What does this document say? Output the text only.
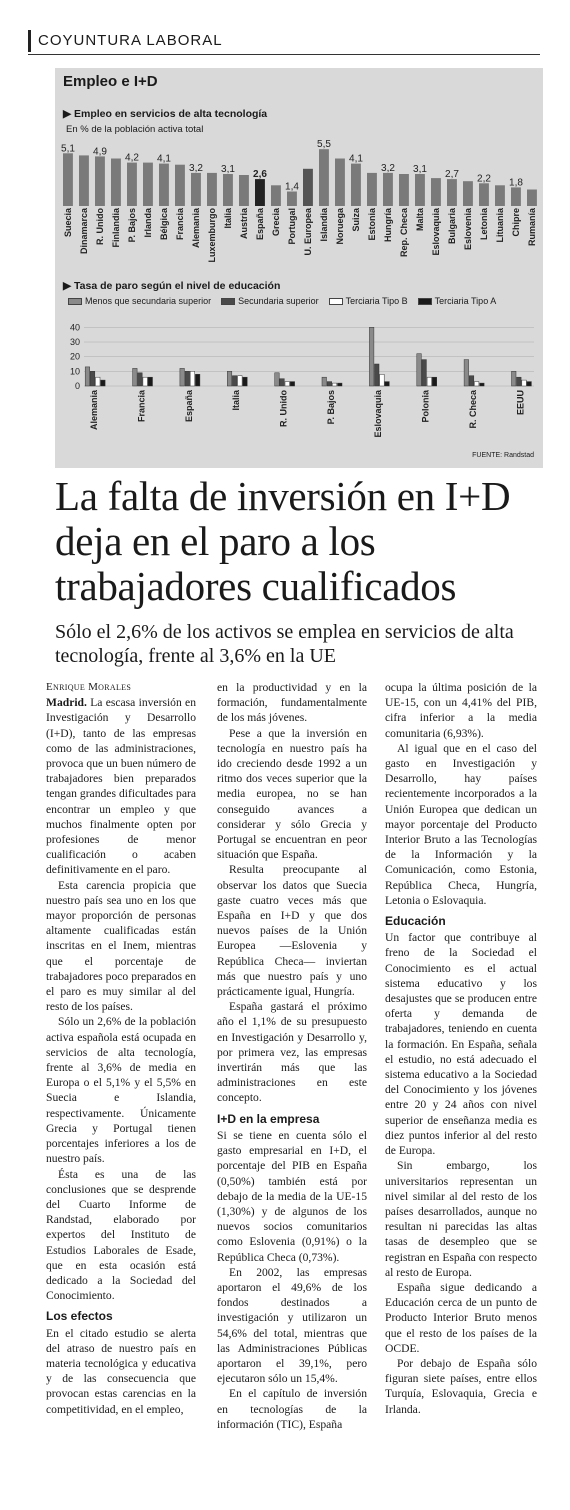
COYUNTURA LABORAL
Empleo e I+D
▶ Empleo en servicios de alta tecnología
En % de la población activa total
5,1
Suecia Dinamarca
4,9
R. Unido Finlandia
4,2
P. Bajos Irlanda
4,1
Bélgica Francia
3,2
Alemania Luxemburgo
3,1
Italia Austria
2,6
España Grecia
1,4
Portugal U. Europea
5,5
Islandia Noruega
4,1
Suiza Estonia
3,2
Hungría Rep. Checa
3,1
Malta Eslovaquia
2,7
Bulgaria Eslovenia
2,2
Letonia Lituania
1,8
Chipre Rumanía
▶ Tasa de paro según el nivel de educación
Menos que secundaria superior	Secundaria superior	Terciaria Tipo B	Terciaria Tipo A
40
30
20
10
0
Alemania	Francia	España	Italia	R. Unido	P. Bajos	Eslovaquia	Polonia	R. Checa	EEUU
FUENTE: Randstad
La falta de inversión en I+D deja en el paro a los trabajadores cualificados
Sólo el 2,6% de los activos se emplea en servicios de alta tecnología, frente al 3,6% en la UE

Enrique Morales

Madrid. La escasa inversión en Investigación y Desarrollo (I+D), tanto de las empresas como de las administraciones, provoca que un buen número de trabajadores bien preparados tengan grandes dificultades para encontrar un empleo y que muchos finalmente opten por profesiones de menor cualificación o acaben definitivamente en el paro.

Esta carencia propicia que nuestro país sea uno en los que mayor proporción de personas altamente cualificadas están inscritas en el Inem, mientras que el porcentaje de trabajadores poco preparados en el paro es muy similar al del resto de los países.

Sólo un 2,6% de la población activa española está ocupada en servicios de alta tecnología, frente al 3,6% de media en Europa o el 5,1% y el 5,5% en Suecia e Islandia, respectivamente. Únicamente Grecia y Portugal tienen porcentajes inferiores a los de nuestro país.

Ésta es una de las conclusiones que se desprende del Cuarto Informe de Randstad, elaborado por expertos del Instituto de Estudios Laborales de Esade, que en esta ocasión está dedicado a la Sociedad del Conocimiento.

Los efectos

En el citado estudio se alerta del atraso de nuestro país en materia tecnológica y educativa y de las consecuencia que provocan estas carencias en la competitividad, en el empleo,

en la productividad y en la formación, fundamentalmente de los más jóvenes.

Pese a que la inversión en tecnología en nuestro país ha ido creciendo desde 1992 a un ritmo dos veces superior que la media europea, no se han conseguido avances a considerar y sólo Grecia y Portugal se encuentran en peor situación que España.

Resulta preocupante al observar los datos que Suecia gaste cuatro veces más que España en I+D y que dos nuevos países de la Unión Europea —Eslovenia y República Checa— inviertan más que nuestro país y uno prácticamente igual, Hungría.

España gastará el próximo año el 1,1% de su presupuesto en Investigación y Desarrollo y, por primera vez, las empresas invertirán más que las administraciones en este concepto.

I+D en la empresa

Si se tiene en cuenta sólo el gasto empresarial en I+D, el porcentaje del PIB en España (0,50%) también está por debajo de la media de la UE-15 (1,30%) y de algunos de los nuevos socios comunitarios como Eslovenia (0,91%) o la República Checa (0,73%).

En 2002, las empresas aportaron el 49,6% de los fondos destinados a investigación y utilizaron un 54,6% del total, mientras que las Administraciones Públicas aportaron el 39,1%, pero ejecutaron sólo un 15,4%.

En el capítulo de inversión en tecnologías de la información (TIC), España

ocupa la última posición de la UE-15, con un 4,41% del PIB, cifra inferior a la media comunitaria (6,93%).

Al igual que en el caso del gasto en Investigación y Desarrollo, hay países recientemente incorporados a la Unión Europea que dedican un mayor porcentaje del Producto Interior Bruto a las Tecnologías de la Información y la Comunicación, como Estonia, República Checa, Hungría, Letonia o Eslovaquia.

Educación

Un factor que contribuye al freno de la Sociedad el Conocimiento es el actual sistema educativo y los desajustes que se producen entre oferta y demanda de trabajadores, teniendo en cuenta la formación. En España, señala el estudio, no está adecuado el sistema educativo a la Sociedad del Conocimiento y los jóvenes entre 20 y 24 años con nivel superior de enseñanza media es diez puntos inferior al del resto de Europa.

Sin embargo, los universitarios representan un nivel similar al del resto de los países desarrollados, aunque no resultan ni parecidas las altas tasas de desempleo que se registran en España con respecto al resto de Europa.

España sigue dedicando a Educación cerca de un punto de Producto Interior Bruto menos que el resto de los países de la OCDE.

Por debajo de España sólo figuran siete países, entre ellos Turquía, Eslovaquia, Grecia e Irlanda.
